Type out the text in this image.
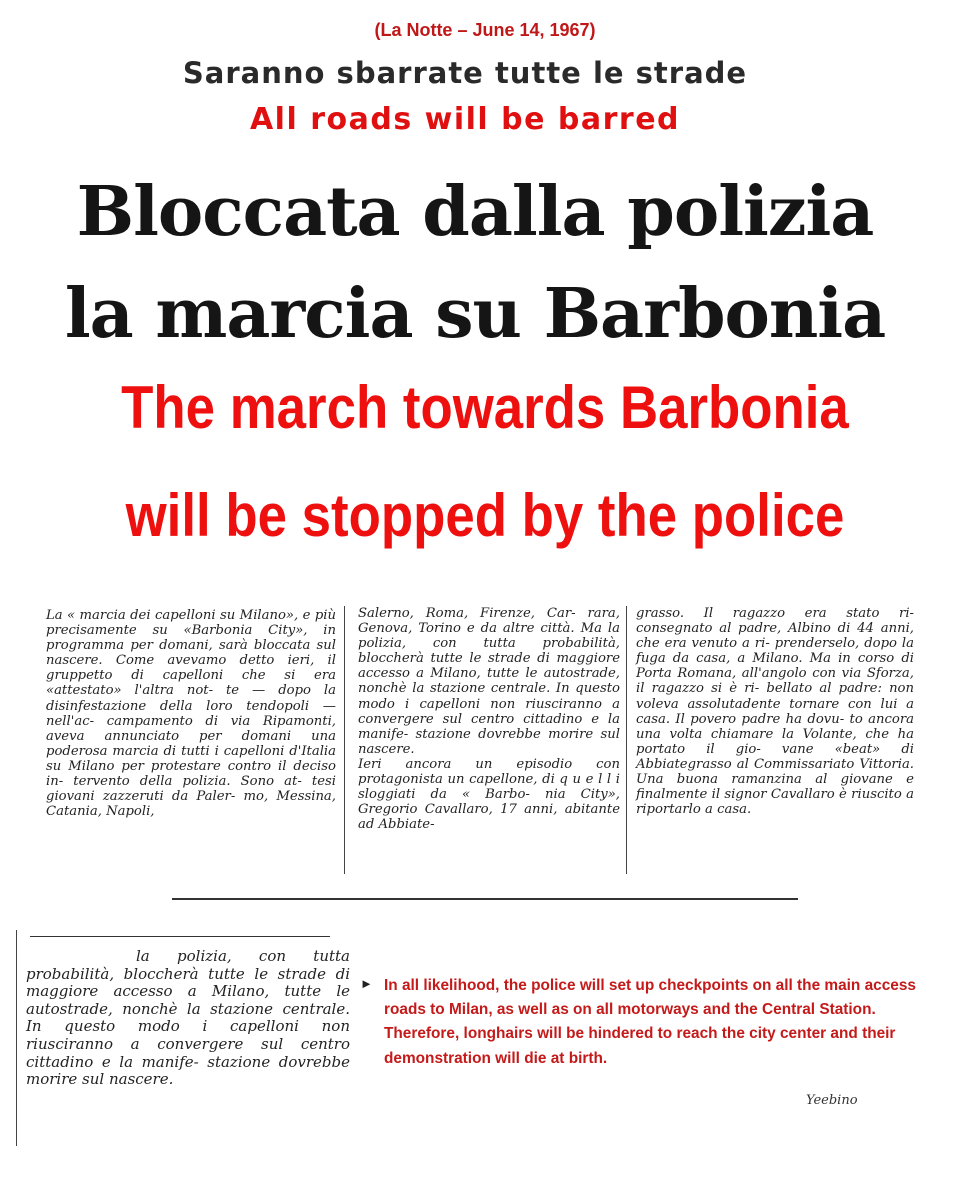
(La Notte – June 14, 1967)
Saranno sbarrate tutte le strade
All roads will be barred
Bloccata dalla polizia
la marcia su Barbonia
The march towards Barbonia
will be stopped by the police
La « marcia dei capelloni su Milano», e più precisamente su «Barbonia City», in programma per domani, sarà bloccata sul nascere. Come avevamo detto ieri, il gruppetto di capelloni che si era «attestato» l'altra not- te — dopo la disinfestazione della loro tendopoli — nell'ac- campamento di via Ripamonti, aveva annunciato per domani una poderosa marcia di tutti i capelloni d'Italia su Milano per protestare contro il deciso in- tervento della polizia. Sono at- tesi giovani zazzeruti da Paler- mo, Messina, Catania, Napoli,
Salerno, Roma, Firenze, Car- rara, Genova, Torino e da altre città. Ma la polizia, con tutta probabilità, bloccherà tutte le strade di maggiore accesso a Milano, tutte le autostrade, nonchè la stazione centrale. In questo modo i capelloni non riusciranno a convergere sul centro cittadino e la manife- stazione dovrebbe morire sul nascere.
Ieri ancora un episodio con protagonista un capellone, di q u e l l i sloggiati da « Barbo- nia City», Gregorio Cavallaro, 17 anni, abitante ad Abbiate-
grasso. Il ragazzo era stato ri- consegnato al padre, Albino di 44 anni, che era venuto a ri- prenderselo, dopo la fuga da casa, a Milano. Ma in corso di Porta Romana, all'angolo con via Sforza, il ragazzo si è ri- bellato al padre: non voleva assolutadente tornare con lui a casa. Il povero padre ha dovu- to ancora una volta chiamare la Volante, che ha portato il gio- vane «beat» di Abbiategrasso al Commissariato Vittoria. Una buona ramanzina al giovane e finalmente il signor Cavallaro è riuscito a riportarlo a casa.
la polizia, con tutta probabilità, bloccherà tutte le strade di maggiore accesso a Milano, tutte le autostrade, nonchè la stazione centrale. In questo modo i capelloni non riusciranno a convergere sul centro cittadino e la manife- stazione dovrebbe morire sul nascere.
► In all likelihood, the police will set up checkpoints on all the main access roads to Milan, as well as on all motorways and the Central Station. Therefore, longhairs will be hindered to reach the city center and their demonstration will die at birth.
Yeebino
